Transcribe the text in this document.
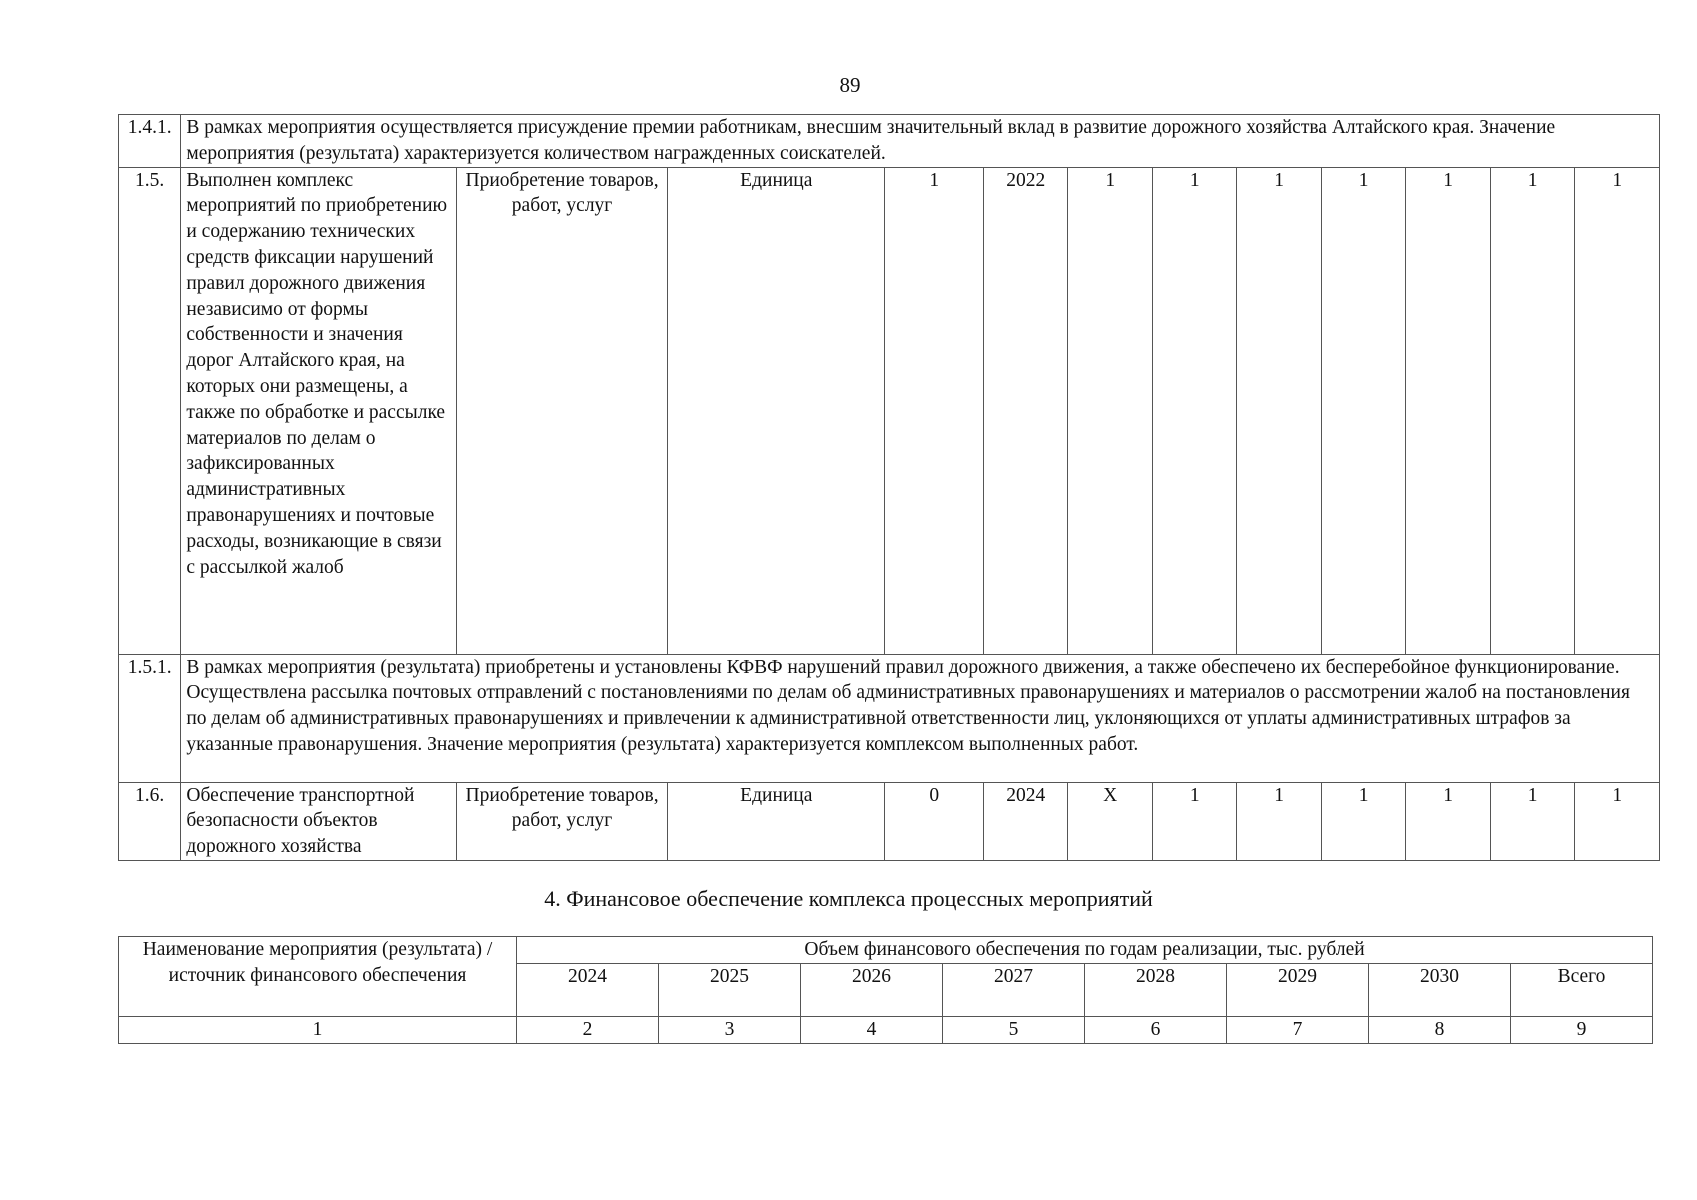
89
1.4.1.	В рамках мероприятия осуществляется присуждение премии работникам, внесшим значительный вклад в развитие дорожного хозяйства Алтайского края. Значение мероприятия (результата) характеризуется количеством награжденных соискателей.											
1.5.	Выполнен комплекс мероприятий по приобретению и содержанию технических средств фиксации нарушений правил дорожного движения независимо от формы собственности и значения дорог Алтайского края, на которых они размещены, а также по обработке и рассылке материалов по делам о зафиксированных административных правонарушениях и почтовые расходы, возникающие в связи с рассылкой жалоб	Приобретение товаров, работ, услуг	Единица	1	2022	1	1	1	1	1	1	1
1.5.1.	В рамках мероприятия (результата) приобретены и установлены КФВФ нарушений правил дорожного движения, а также обеспечено их бесперебойное функционирование. Осуществлена рассылка почтовых отправлений с постановлениями по делам об административных правонарушениях и материалов о рассмотрении жалоб на постановления по делам об административных правонарушениях и привлечении к административной ответственности лиц, уклоняющихся от уплаты административных штрафов за указанные правонарушения. Значение мероприятия (результата) характеризуется комплексом выполненных работ.											
1.6.	Обеспечение транспортной безопасности объектов дорожного хозяйства	Приобретение товаров, работ, услуг	Единица	0	2024	X	1	1	1	1	1	1
4. Финансовое обеспечение комплекса процессных мероприятий
Наименование мероприятия (результата) / источник финансового обеспечения	Объем финансового обеспечения по годам реализации, тыс. рублей							
	2024	2025	2026	2027	2028	2029	2030	Всего
1	2	3	4	5	6	7	8	9
